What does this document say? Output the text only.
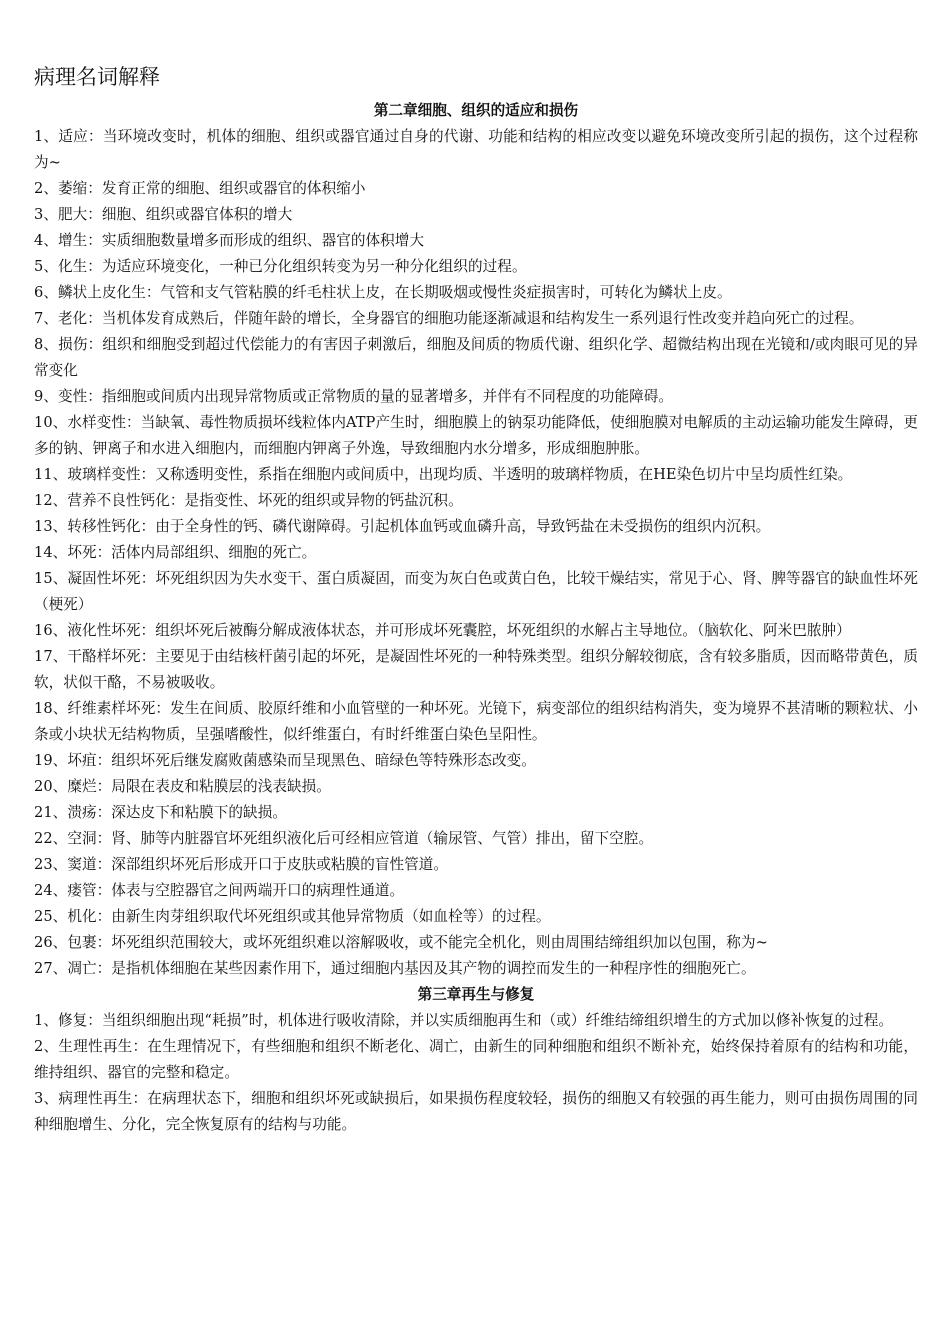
病理名词解释
第二章细胞、组织的适应和损伤

1、适应：当环境改变时，机体的细胞、组织或器官通过自身的代谢、功能和结构的相应改变以避免环境改变所引起的损伤，这个过程称为~

2、萎缩：发育正常的细胞、组织或器官的体积缩小

3、肥大：细胞、组织或器官体积的增大

4、增生：实质细胞数量增多而形成的组织、器官的体积增大

5、化生：为适应环境变化，一种已分化组织转变为另一种分化组织的过程。

6、鳞状上皮化生：气管和支气管粘膜的纤毛柱状上皮，在长期吸烟或慢性炎症损害时，可转化为鳞状上皮。

7、老化：当机体发育成熟后，伴随年龄的增长，全身器官的细胞功能逐渐减退和结构发生一系列退行性改变并趋向死亡的过程。

8、损伤：组织和细胞受到超过代偿能力的有害因子刺激后，细胞及间质的物质代谢、组织化学、超微结构出现在光镜和/或肉眼可见的异常变化

9、变性：指细胞或间质内出现异常物质或正常物质的量的显著增多，并伴有不同程度的功能障碍。

10、水样变性：当缺氧、毒性物质损坏线粒体内ATP产生时，细胞膜上的钠泵功能降低，使细胞膜对电解质的主动运输功能发生障碍，更多的钠、钾离子和水进入细胞内，而细胞内钾离子外逸，导致细胞内水分增多，形成细胞肿胀。

11、玻璃样变性：又称透明变性，系指在细胞内或间质中，出现均质、半透明的玻璃样物质，在HE染色切片中呈均质性红染。

12、营养不良性钙化：是指变性、坏死的组织或异物的钙盐沉积。

13、转移性钙化：由于全身性的钙、磷代谢障碍。引起机体血钙或血磷升高，导致钙盐在未受损伤的组织内沉积。

14、坏死：活体内局部组织、细胞的死亡。

15、凝固性坏死：坏死组织因为失水变干、蛋白质凝固，而变为灰白色或黄白色，比较干燥结实，常见于心、肾、脾等器官的缺血性坏死（梗死）

16、液化性坏死：组织坏死后被酶分解成液体状态，并可形成坏死囊腔，坏死组织的水解占主导地位。（脑软化、阿米巴脓肿）

17、干酪样坏死：主要见于由结核杆菌引起的坏死，是凝固性坏死的一种特殊类型。组织分解较彻底，含有较多脂质，因而略带黄色，质软，状似干酪，不易被吸收。

18、纤维素样坏死：发生在间质、胶原纤维和小血管壁的一种坏死。光镜下，病变部位的组织结构消失，变为境界不甚清晰的颗粒状、小条或小块状无结构物质，呈强嗜酸性，似纤维蛋白，有时纤维蛋白染色呈阳性。

19、坏疽：组织坏死后继发腐败菌感染而呈现黑色、暗绿色等特殊形态改变。

20、糜烂：局限在表皮和粘膜层的浅表缺损。

21、溃疡：深达皮下和粘膜下的缺损。

22、空洞：肾、肺等内脏器官坏死组织液化后可经相应管道（输尿管、气管）排出，留下空腔。

23、窦道：深部组织坏死后形成开口于皮肤或粘膜的盲性管道。

24、瘘管：体表与空腔器官之间两端开口的病理性通道。

25、机化：由新生肉芽组织取代坏死组织或其他异常物质（如血栓等）的过程。

26、包裹：坏死组织范围较大，或坏死组织难以溶解吸收，或不能完全机化，则由周围结缔组织加以包围，称为~

27、凋亡：是指机体细胞在某些因素作用下，通过细胞内基因及其产物的调控而发生的一种程序性的细胞死亡。

第三章再生与修复

1、修复：当组织细胞出现“耗损”时，机体进行吸收清除，并以实质细胞再生和（或）纤维结缔组织增生的方式加以修补恢复的过程。

2、生理性再生：在生理情况下，有些细胞和组织不断老化、凋亡，由新生的同种细胞和组织不断补充，始终保持着原有的结构和功能，维持组织、器官的完整和稳定。

3、病理性再生：在病理状态下，细胞和组织坏死或缺损后，如果损伤程度较轻，损伤的细胞又有较强的再生能力，则可由损伤周围的同种细胞增生、分化，完全恢复原有的结构与功能。
